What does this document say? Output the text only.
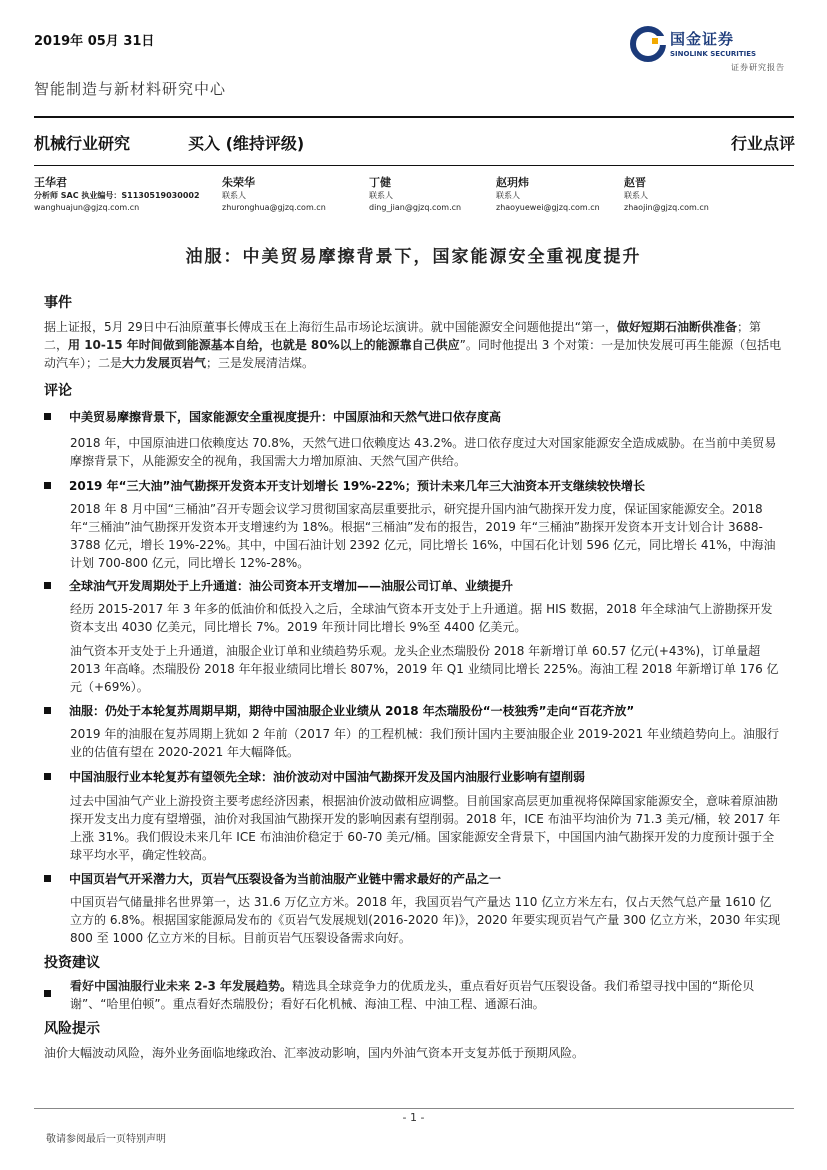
2019年 05月 31日	国金证券
SINOLINK SECURITIES
证券研究报告
智能制造与新材料研究中心
机械行业研究	买入 (维持评级)	行业点评
王华君
分析师 SAC 执业编号：S1130519030002
wanghuajun@gjzq.com.cn
朱荣华
联系人
zhuronghua@gjzq.com.cn
丁健
联系人
ding_jian@gjzq.com.cn
赵玥炜
联系人
zhaoyuewei@gjzq.com.cn
赵晋
联系人
zhaojin@gjzq.com.cn
油服：中美贸易摩擦背景下，国家能源安全重视度提升
事件

据上证报，5月 29日中石油原董事长傅成玉在上海衍生品市场论坛演讲。就中国能源安全问题他提出“第一，做好短期石油断供准备；第二，用 10-15 年时间做到能源基本自给，也就是 80%以上的能源靠自己供应”。同时他提出 3 个对策：一是加快发展可再生能源（包括电动汽车）；二是大力发展页岩气；三是发展清洁煤。

评论
中美贸易摩擦背景下，国家能源安全重视度提升：中国原油和天然气进口依存度高

2018 年，中国原油进口依赖度达 70.8%，天然气进口依赖度达 43.2%。进口依存度过大对国家能源安全造成威胁。在当前中美贸易摩擦背景下，从能源安全的视角，我国需大力增加原油、天然气国产供给。

2019 年“三大油”油气勘探开发资本开支计划增长 19%-22%；预计未来几年三大油资本开支继续较快增长

2018 年 8 月中国“三桶油”召开专题会议学习贯彻国家高层重要批示，研究提升国内油气勘探开发力度，保证国家能源安全。2018 年“三桶油”油气勘探开发资本开支增速约为 18%。根据“三桶油”发布的报告，2019 年“三桶油”勘探开发资本开支计划合计 3688-3788 亿元，增长 19%-22%。其中，中国石油计划 2392 亿元，同比增长 16%，中国石化计划 596 亿元，同比增长 41%，中海油计划 700-800 亿元，同比增长 12%-28%。

全球油气开发周期处于上升通道：油公司资本开支增加——油服公司订单、业绩提升

经历 2015-2017 年 3 年多的低油价和低投入之后，全球油气资本开支处于上升通道。据 HIS 数据，2018 年全球油气上游勘探开发资本支出 4030 亿美元，同比增长 7%。2019 年预计同比增长 9%至 4400 亿美元。

油气资本开支处于上升通道，油服企业订单和业绩趋势乐观。龙头企业杰瑞股份 2018 年新增订单 60.57 亿元(+43%)，订单量超 2013 年高峰。杰瑞股份 2018 年年报业绩同比增长 807%，2019 年 Q1 业绩同比增长 225%。海油工程 2018 年新增订单 176 亿元（+69%）。

油服：仍处于本轮复苏周期早期，期待中国油服企业业绩从 2018 年杰瑞股份“一枝独秀”走向“百花齐放”

2019 年的油服在复苏周期上犹如 2 年前（2017 年）的工程机械：我们预计国内主要油服企业 2019-2021 年业绩趋势向上。油服行业的估值有望在 2020-2021 年大幅降低。

中国油服行业本轮复苏有望领先全球：油价波动对中国油气勘探开发及国内油服行业影响有望削弱

过去中国油气产业上游投资主要考虑经济因素，根据油价波动做相应调整。目前国家高层更加重视将保障国家能源安全，意味着原油勘探开发支出力度有望增强，油价对我国油气勘探开发的影响因素有望削弱。2018 年，ICE 布油平均油价为 71.3 美元/桶，较 2017 年上涨 31%。我们假设未来几年 ICE 布油油价稳定于 60-70 美元/桶。国家能源安全背景下，中国国内油气勘探开发的力度预计强于全球平均水平，确定性较高。

中国页岩气开采潜力大，页岩气压裂设备为当前油服产业链中需求最好的产品之一

中国页岩气储量排名世界第一，达 31.6 万亿立方米。2018 年，我国页岩气产量达 110 亿立方米左右，仅占天然气总产量 1610 亿立方的 6.8%。根据国家能源局发布的《页岩气发展规划(2016-2020 年)》，2020 年要实现页岩气产量 300 亿立方米，2030 年实现 800 至 1000 亿立方米的目标。目前页岩气压裂设备需求向好。

投资建议

看好中国油服行业未来 2-3 年发展趋势。精选具全球竞争力的优质龙头，重点看好页岩气压裂设备。我们希望寻找中国的“斯伦贝谢”、“哈里伯顿”。重点看好杰瑞股份；看好石化机械、海油工程、中油工程、通源石油。

风险提示

油价大幅波动风险，海外业务面临地缘政治、汇率波动影响，国内外油气资本开支复苏低于预期风险。

- 1 -
敬请参阅最后一页特别声明
